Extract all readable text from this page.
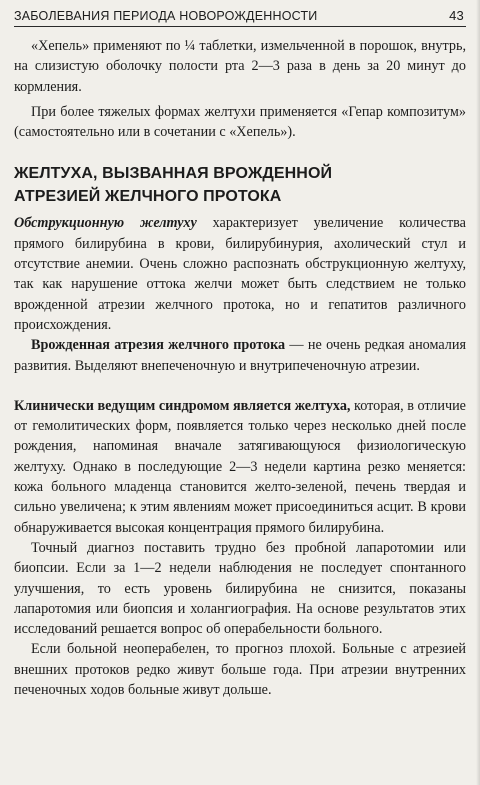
ЗАБОЛЕВАНИЯ ПЕРИОДА НОВОРОЖДЕННОСТИ	43

«Хепель» применяют по ¼ таблетки, измельченной в порошок, внутрь, на слизистую оболочку полости рта 2—3 раза в день за 20 минут до кормления.

При более тяжелых формах желтухи применяется «Гепар композитум» (самостоятельно или в сочетании с «Хепель»).

ЖЕЛТУХА, ВЫЗВАННАЯ ВРОЖДЕННОЙ
АТРЕЗИЕЙ ЖЕЛЧНОГО ПРОТОКА

Обструкционную желтуху характеризует увеличение количества прямого билирубина в крови, билирубинурия, ахолический стул и отсутствие анемии. Очень сложно распознать обструкционную желтуху, так как нарушение оттока желчи может быть следствием не только врожденной атрезии желчного протока, но и гепатитов различного происхождения.

Врожденная атрезия желчного протока — не очень редкая аномалия развития. Выделяют внепеченочную и внутрипеченочную атрезии.

Клинически ведущим синдромом является желтуха, которая, в отличие от гемолитических форм, появляется только через несколько дней после рождения, напоминая вначале затягивающуюся физиологическую желтуху. Однако в последующие 2—3 недели картина резко меняется: кожа больного младенца становится желто-зеленой, печень твердая и сильно увеличена; к этим явлениям может присоединиться асцит. В крови обнаруживается высокая концентрация прямого билирубина.

Точный диагноз поставить трудно без пробной лапаротомии или биопсии. Если за 1—2 недели наблюдения не последует спонтанного улучшения, то есть уровень билирубина не снизится, показаны лапаротомия или биопсия и холангиография. На основе результатов этих исследований решается вопрос об операбельности больного.

Если больной неоперабелен, то прогноз плохой. Больные с атрезией внешних протоков редко живут больше года. При атрезии внутренних печеночных ходов больные живут дольше.
